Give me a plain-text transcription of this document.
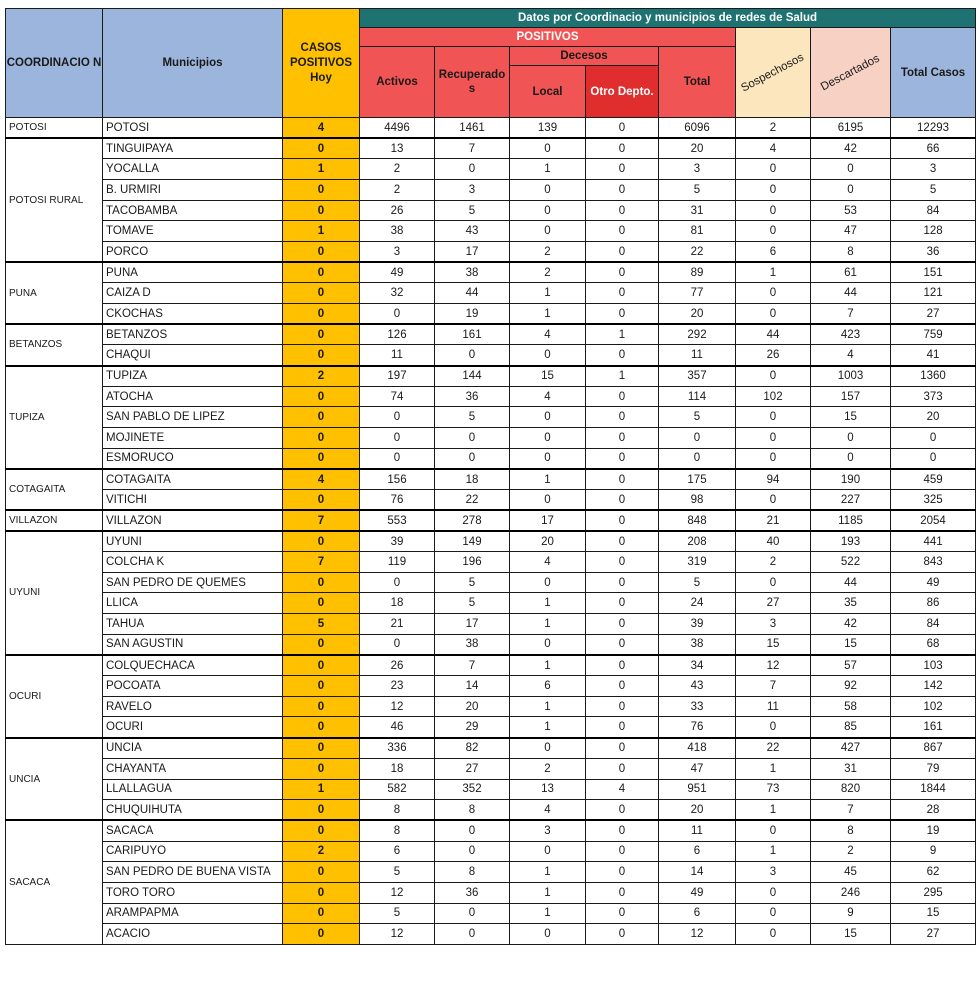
COORDINACIO N	Municipios	CASOS POSITIVOS Hoy	Datos por Coordinacio y municipios de redes de Salud							
			POSITIVOS					Sospechosos	Descartados	Total Casos
			Activos	Recuperado s	Decesos		Total			
					Local	Otro Depto.				
POTOSI	POTOSI	4	4496	1461	139	0	6096	2	6195	12293
POTOSI RURAL	TINGUIPAYA	0	13	7	0	0	20	4	42	66
	YOCALLA	1	2	0	1	0	3	0	0	3
	B. URMIRI	0	2	3	0	0	5	0	0	5
	TACOBAMBA	0	26	5	0	0	31	0	53	84
	TOMAVE	1	38	43	0	0	81	0	47	128
	PORCO	0	3	17	2	0	22	6	8	36
PUNA	PUNA	0	49	38	2	0	89	1	61	151
	CAIZA D	0	32	44	1	0	77	0	44	121
	CKOCHAS	0	0	19	1	0	20	0	7	27
BETANZOS	BETANZOS	0	126	161	4	1	292	44	423	759
	CHAQUI	0	11	0	0	0	11	26	4	41
TUPIZA	TUPIZA	2	197	144	15	1	357	0	1003	1360
	ATOCHA	0	74	36	4	0	114	102	157	373
	SAN PABLO DE LIPEZ	0	0	5	0	0	5	0	15	20
	MOJINETE	0	0	0	0	0	0	0	0	0
	ESMORUCO	0	0	0	0	0	0	0	0	0
COTAGAITA	COTAGAITA	4	156	18	1	0	175	94	190	459
	VITICHI	0	76	22	0	0	98	0	227	325
VILLAZON	VILLAZON	7	553	278	17	0	848	21	1185	2054
UYUNI	UYUNI	0	39	149	20	0	208	40	193	441
	COLCHA K	7	119	196	4	0	319	2	522	843
	SAN PEDRO DE QUEMES	0	0	5	0	0	5	0	44	49
	LLICA	0	18	5	1	0	24	27	35	86
	TAHUA	5	21	17	1	0	39	3	42	84
	SAN AGUSTIN	0	0	38	0	0	38	15	15	68
OCURI	COLQUECHACA	0	26	7	1	0	34	12	57	103
	POCOATA	0	23	14	6	0	43	7	92	142
	RAVELO	0	12	20	1	0	33	11	58	102
	OCURI	0	46	29	1	0	76	0	85	161
UNCIA	UNCIA	0	336	82	0	0	418	22	427	867
	CHAYANTA	0	18	27	2	0	47	1	31	79
	LLALLAGUA	1	582	352	13	4	951	73	820	1844
	CHUQUIHUTA	0	8	8	4	0	20	1	7	28
SACACA	SACACA	0	8	0	3	0	11	0	8	19
	CARIPUYO	2	6	0	0	0	6	1	2	9
	SAN PEDRO DE BUENA VISTA	0	5	8	1	0	14	3	45	62
	TORO TORO	0	12	36	1	0	49	0	246	295
	ARAMPAPMA	0	5	0	1	0	6	0	9	15
	ACACIO	0	12	0	0	0	12	0	15	27
